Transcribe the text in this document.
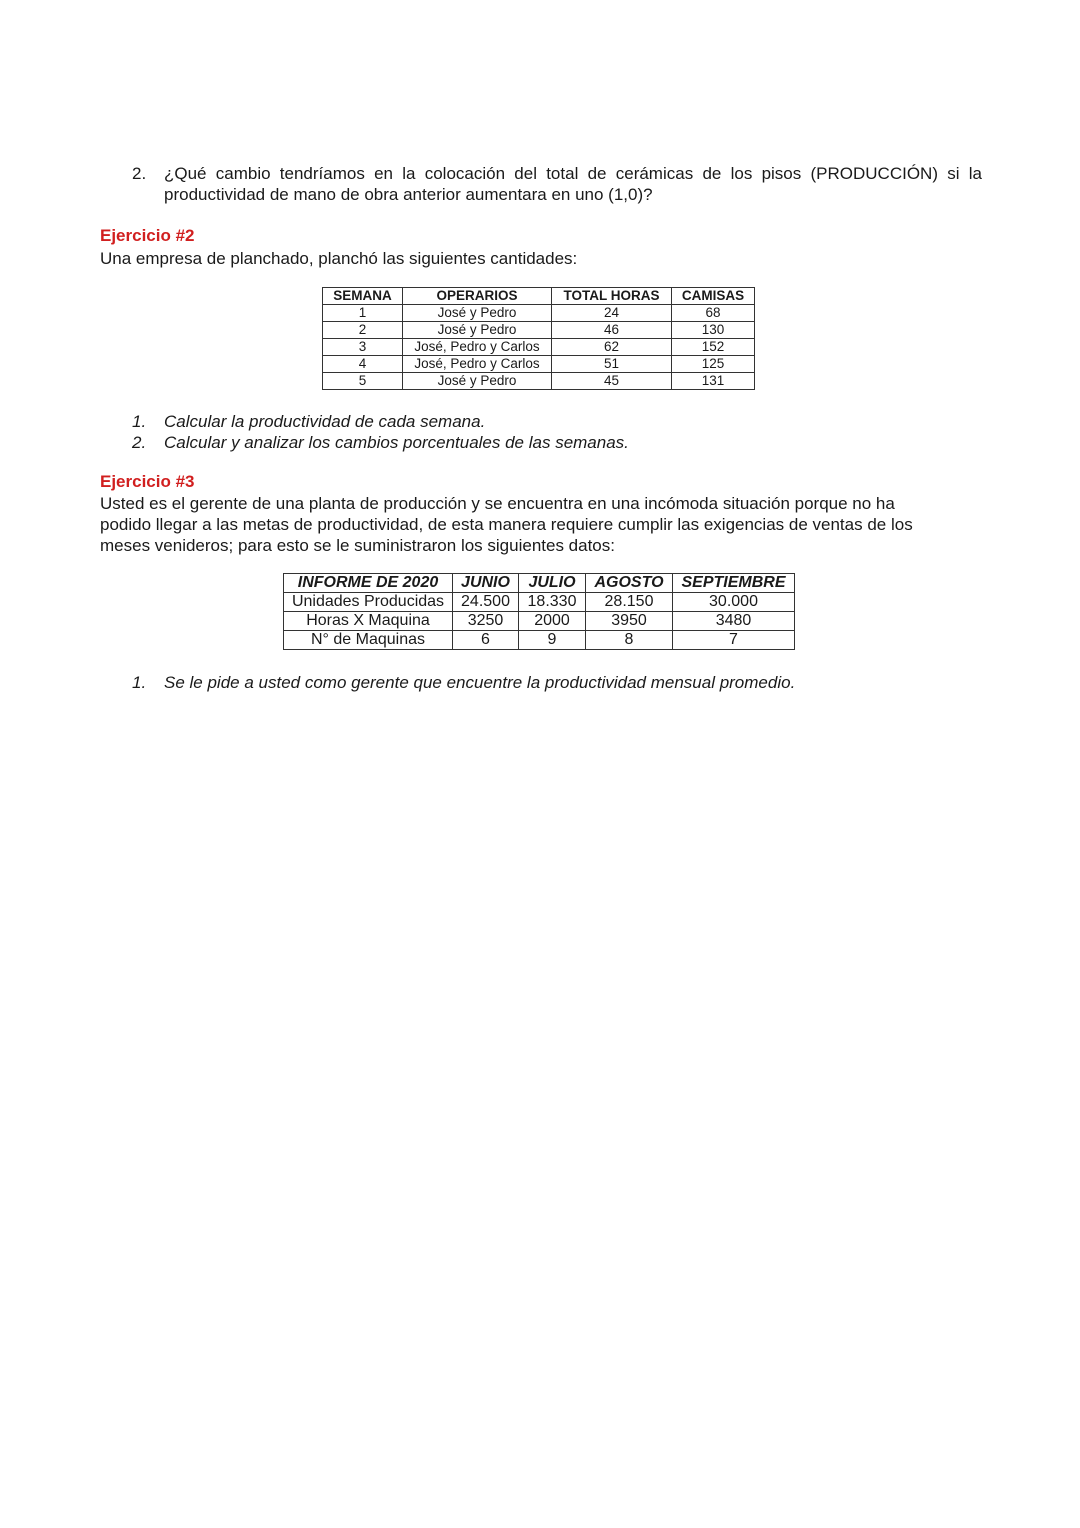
2. ¿Qué cambio tendríamos en la colocación del total de cerámicas de los pisos (PRODUCCIÓN) si la productividad de mano de obra anterior aumentara en uno (1,0)?
Ejercicio #2
Una empresa de planchado, planchó las siguientes cantidades:
SEMANA	OPERARIOS	TOTAL HORAS	CAMISAS
1	José y Pedro	24	68
2	José y Pedro	46	130
3	José, Pedro y Carlos	62	152
4	José, Pedro y Carlos	51	125
5	José y Pedro	45	131
1. Calcular la productividad de cada semana.
2. Calcular y analizar los cambios porcentuales de las semanas.
Ejercicio #3
Usted es el gerente de una planta de producción y se encuentra en una incómoda situación porque no ha
podido llegar a las metas de productividad, de esta manera requiere cumplir las exigencias de ventas de los
meses venideros; para esto se le suministraron los siguientes datos:
INFORME DE 2020	JUNIO	JULIO	AGOSTO	SEPTIEMBRE
Unidades Producidas	24.500	18.330	28.150	30.000
Horas X Maquina	3250	2000	3950	3480
N° de Maquinas	6	9	8	7
1. Se le pide a usted como gerente que encuentre la productividad mensual promedio.
